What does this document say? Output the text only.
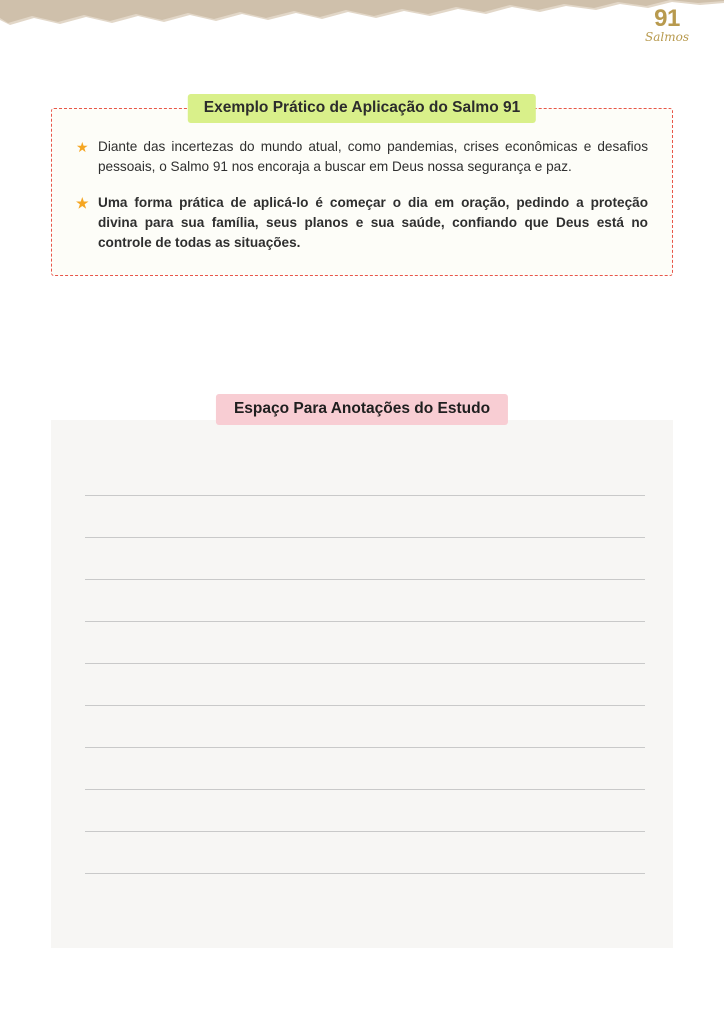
91
Salmos
Exemplo Prático de Aplicação do Salmo 91

★ Diante das incertezas do mundo atual, como pandemias, crises econômicas e desafios pessoais, o Salmo 91 nos encoraja a buscar em Deus nossa segurança e paz.

★ Uma forma prática de aplicá-lo é começar o dia em oração, pedindo a proteção divina para sua família, seus planos e sua saúde, confiando que Deus está no controle de todas as situações.

Espaço Para Anotações do Estudo
